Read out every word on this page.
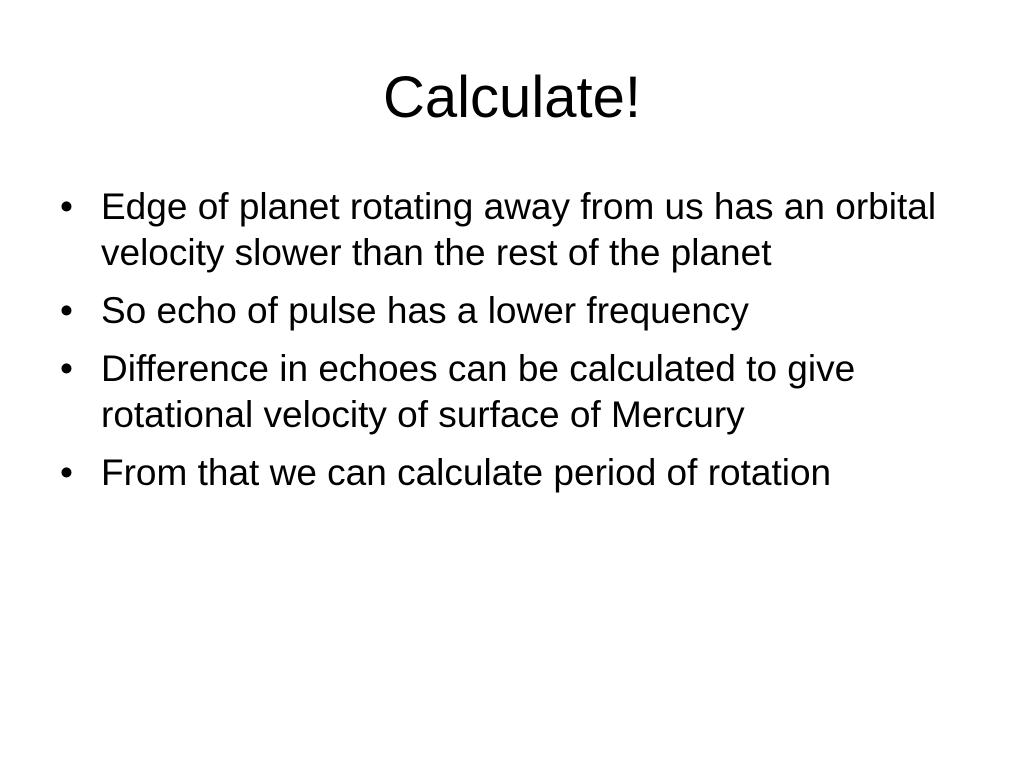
Calculate!
• Edge of planet rotating away from us has an orbital velocity slower than the rest of the planet
• So echo of pulse has a lower frequency
• Difference in echoes can be calculated to give rotational velocity of surface of Mercury
• From that we can calculate period of rotation
